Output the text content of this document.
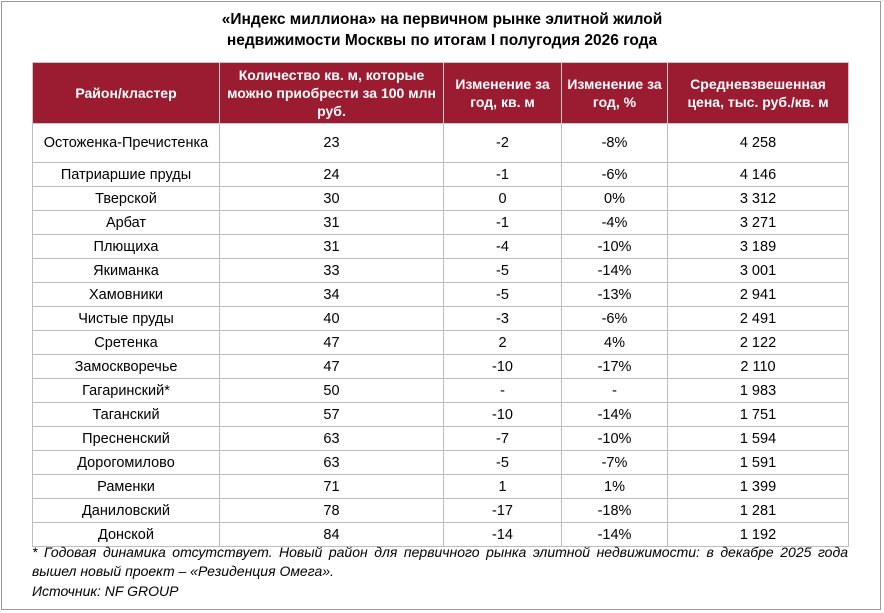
«Индекс миллиона» на первичном рынке элитной жилой
недвижимости Москвы по итогам I полугодия 2026 года
Район/кластер	Количество кв. м, которые можно приобрести за 100 млн руб.	Изменение за год, кв. м	Изменение за год, %	Средневзвешенная цена, тыс. руб./кв. м
Остоженка-Пречистенка	23	-2	-8%	4 258
Патриаршие пруды	24	-1	-6%	4 146
Тверской	30	0	0%	3 312
Арбат	31	-1	-4%	3 271
Плющиха	31	-4	-10%	3 189
Якиманка	33	-5	-14%	3 001
Хамовники	34	-5	-13%	2 941
Чистые пруды	40	-3	-6%	2 491
Сретенка	47	2	4%	2 122
Замоскворечье	47	-10	-17%	2 110
Гагаринский*	50	-	-	1 983
Таганский	57	-10	-14%	1 751
Пресненский	63	-7	-10%	1 594
Дорогомилово	63	-5	-7%	1 591
Раменки	71	1	1%	1 399
Даниловский	78	-17	-18%	1 281
Донской	84	-14	-14%	1 192
* Годовая динамика отсутствует. Новый район для первичного рынка элитной недвижимости: в декабре 2025 года вышел новый проект – «Резиденция Омега».
Источник: NF GROUP
